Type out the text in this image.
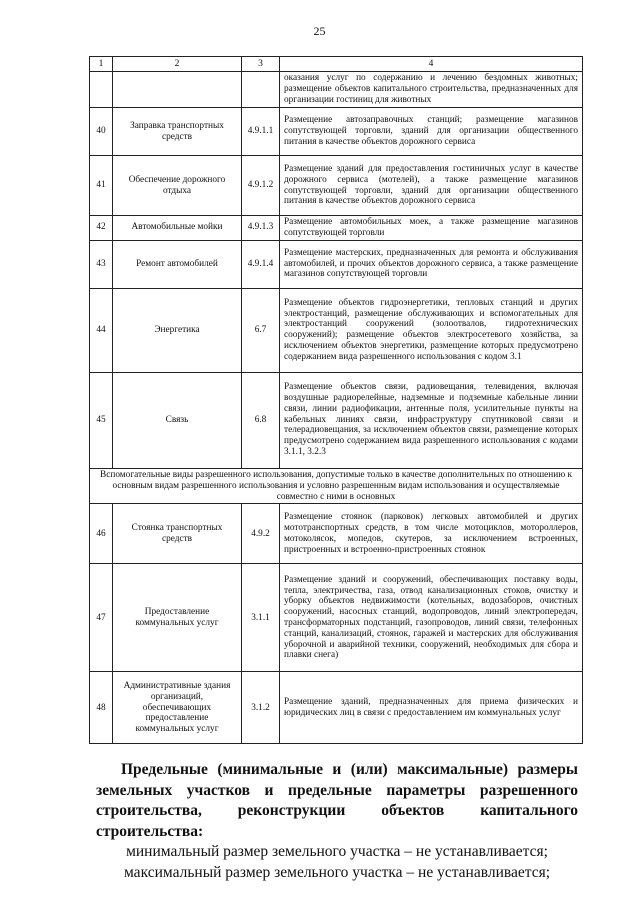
25
1	2	3	4
			оказания услуг по содержанию и лечению бездомных животных; размещение объектов капитального строительства, предназначенных для организации гостиниц для животных
40	Заправка транспортных средств	4.9.1.1	Размещение автозаправочных станций; размещение магазинов сопутствующей торговли, зданий для организации общественного питания в качестве объектов дорожного сервиса
41	Обеспечение дорожного отдыха	4.9.1.2	Размещение зданий для предоставления гостиничных услуг в качестве дорожного сервиса (мотелей), а также размещение магазинов сопутствующей торговли, зданий для организации общественного питания в качестве объектов дорожного сервиса
42	Автомобильные мойки	4.9.1.3	Размещение автомобильных моек, а также размещение магазинов сопутствующей торговли
43	Ремонт автомобилей	4.9.1.4	Размещение мастерских, предназначенных для ремонта и обслуживания автомобилей, и прочих объектов дорожного сервиса, а также размещение магазинов сопутствующей торговли
44	Энергетика	6.7	Размещение объектов гидроэнергетики, тепловых станций и других электростанций, размещение обслуживающих и вспомогательных для электростанций сооружений (золоотвалов, гидротехнических сооружений); размещение объектов электросетевого хозяйства, за исключением объектов энергетики, размещение которых предусмотрено содержанием вида разрешенного использования с кодом 3.1
45	Связь	6.8	Размещение объектов связи, радиовещания, телевидения, включая воздушные радиорелейные, надземные и подземные кабельные линии связи, линии радиофикации, антенные поля, усилительные пункты на кабельных линиях связи, инфраструктуру спутниковой связи и телерадиовещания, за исключением объектов связи, размещение которых предусмотрено содержанием вида разрешенного использования с кодами 3.1.1, 3.2.3
Вспомогательные виды разрешенного использования, допустимые только в качестве дополнительных по отношению к основным видам разрешенного использования и условно разрешенным видам использования и осуществляемые совместно с ними в основных			
46	Стоянка транспортных средств	4.9.2	Размещение стоянок (парковок) легковых автомобилей и других мототранспортных средств, в том числе мотоциклов, мотороллеров, мотоколясок, мопедов, скутеров, за исключением встроенных, пристроенных и встроенно-пристроенных стоянок
47	Предоставление коммунальных услуг	3.1.1	Размещение зданий и сооружений, обеспечивающих поставку воды, тепла, электричества, газа, отвод канализационных стоков, очистку и уборку объектов недвижимости (котельных, водозаборов, очистных сооружений, насосных станций, водопроводов, линий электропередач, трансформаторных подстанций, газопроводов, линий связи, телефонных станций, канализаций, стоянок, гаражей и мастерских для обслуживания уборочной и аварийной техники, сооружений, необходимых для сбора и плавки снега)
48	Административные здания организаций, обеспечивающих предоставление коммунальных услуг	3.1.2	Размещение зданий, предназначенных для приема физических и юридических лиц в связи с предоставлением им коммунальных услуг
Предельные (минимальные и (или) максимальные) размеры земельных участков и предельные параметры разрешенного строительства, реконструкции объектов капитального строительства:
минимальный размер земельного участка – не устанавливается;
максимальный размер земельного участка – не устанавливается;
